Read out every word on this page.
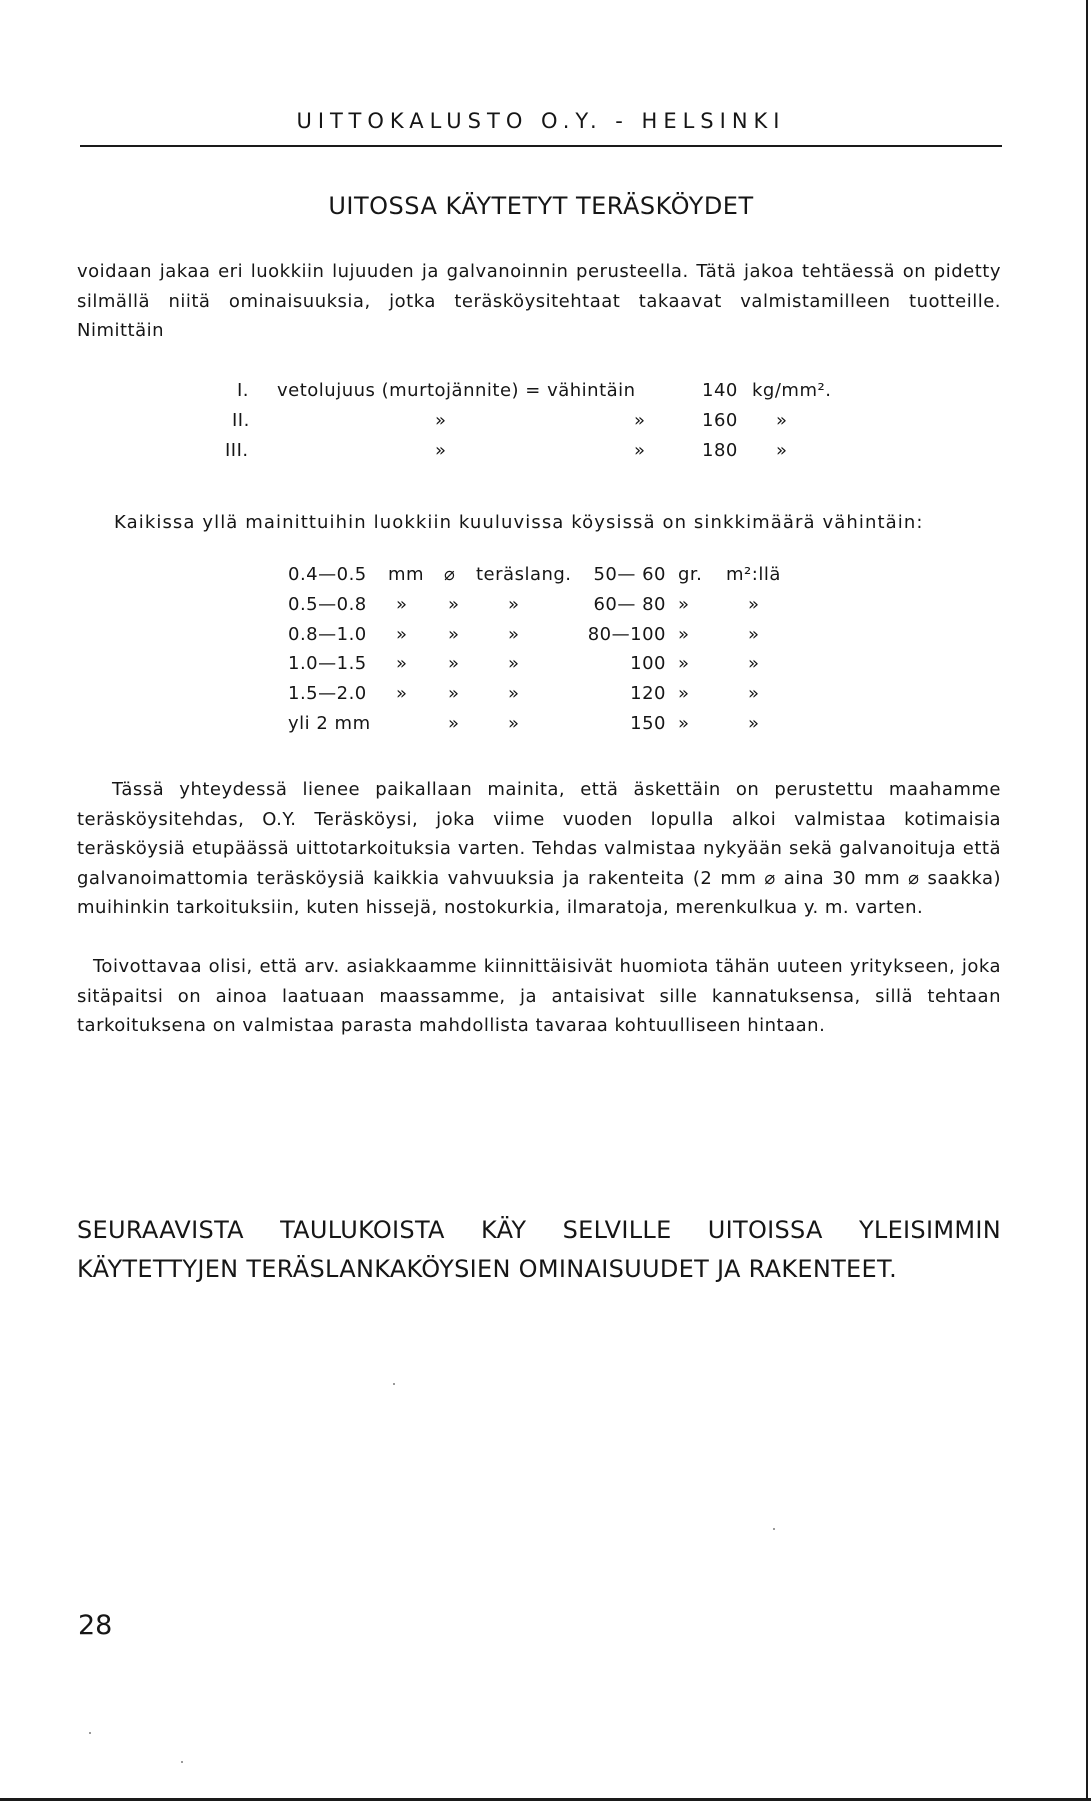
UITTOKALUSTO O.Y. - HELSINKI
UITOSSA KÄYTETYT TERÄSKÖYDET

voidaan jakaa eri luokkiin lujuuden ja galvanoinnin perusteella. Tätä jakoa tehtäessä on pidetty silmällä niitä ominaisuuksia, jotka teräsköysitehtaat takaavat valmistamilleen tuotteille. Nimittäin

I. vetolujuus (murtojännite) = vähintäin	140 kg/mm².
II.	»	»	160 »
III.	»	»	180 »

Kaikissa yllä mainittuihin luokkiin kuuluvissa köysissä on sinkkimäärä vähintäin:

0.4—0.5 mm ⌀ teräslang.	50— 60 gr. m²:llä
0.5—0.8 » »	»	60— 80 »	»
0.8—1.0 » »	»	80—100 »	»
1.0—1.5 » »	»	100 »	»
1.5—2.0 » »	»	120 »	»
yli 2 mm	»	»	150 »	»

Tässä yhteydessä lienee paikallaan mainita, että äskettäin on perustettu maahamme teräsköysitehdas, O.Y. Teräsköysi, joka viime vuoden lopulla alkoi valmistaa kotimaisia teräsköysiä etupäässä uittotarkoituksia varten. Tehdas valmistaa nykyään sekä galvanoituja että galvanoimattomia teräsköysiä kaikkia vahvuuksia ja rakenteita (2 mm ⌀ aina 30 mm ⌀ saakka) muihinkin tarkoituksiin, kuten hissejä, nostokurkia, ilmaratoja, merenkulkua y. m. varten.

Toivottavaa olisi, että arv. asiakkaamme kiinnittäisivät huomiota tähän uuteen yritykseen, joka sitäpaitsi on ainoa laatuaan maassamme, ja antaisivat sille kannatuksensa, sillä tehtaan tarkoituksena on valmistaa parasta mahdollista tavaraa kohtuulliseen hintaan.

SEURAAVISTA TAULUKOISTA KÄY SELVILLE UITOISSA YLEISIMMIN KÄYTETTYJEN TERÄSLANKAKÖYSIEN OMINAISUUDET JA RAKENTEET.
28
